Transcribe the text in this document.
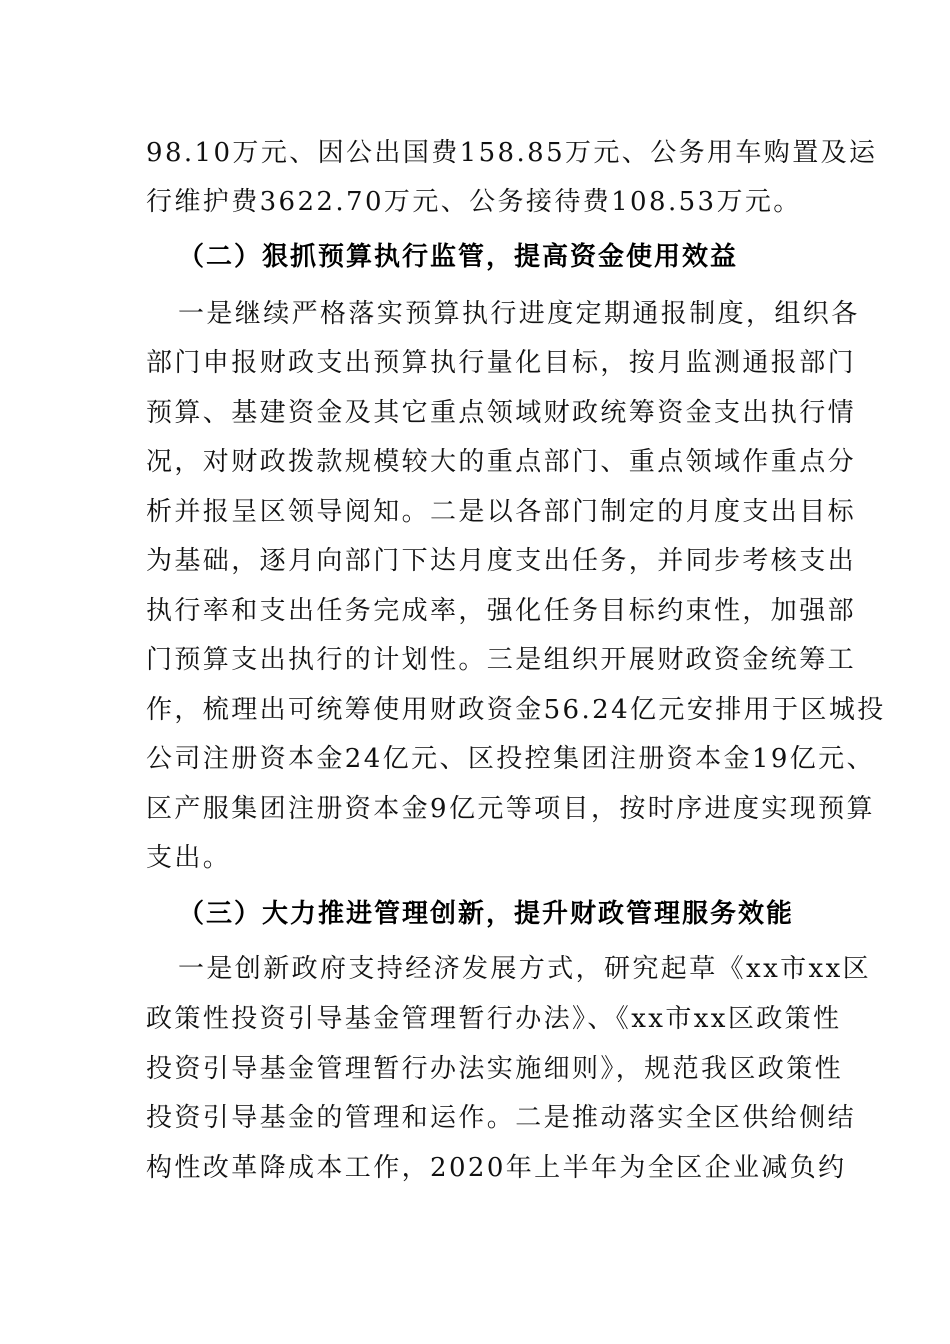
98.10万元、因公出国费158.85万元、公务用车购置及运
行维护费3622.70万元、公务接待费108.53万元。
（二）狠抓预算执行监管，提高资金使用效益
一是继续严格落实预算执行进度定期通报制度，组织各
部门申报财政支出预算执行量化目标，按月监测通报部门
预算、基建资金及其它重点领域财政统筹资金支出执行情
况，对财政拨款规模较大的重点部门、重点领域作重点分
析并报呈区领导阅知。二是以各部门制定的月度支出目标
为基础，逐月向部门下达月度支出任务，并同步考核支出
执行率和支出任务完成率，强化任务目标约束性，加强部
门预算支出执行的计划性。三是组织开展财政资金统筹工
作，梳理出可统筹使用财政资金56.24亿元安排用于区城投
公司注册资本金24亿元、区投控集团注册资本金19亿元、
区产服集团注册资本金9亿元等项目，按时序进度实现预算
支出。
（三）大力推进管理创新，提升财政管理服务效能
一是创新政府支持经济发展方式，研究起草《xx市xx区
政策性投资引导基金管理暂行办法》、《xx市xx区政策性
投资引导基金管理暂行办法实施细则》，规范我区政策性
投资引导基金的管理和运作。二是推动落实全区供给侧结
构性改革降成本工作，2020年上半年为全区企业减负约
